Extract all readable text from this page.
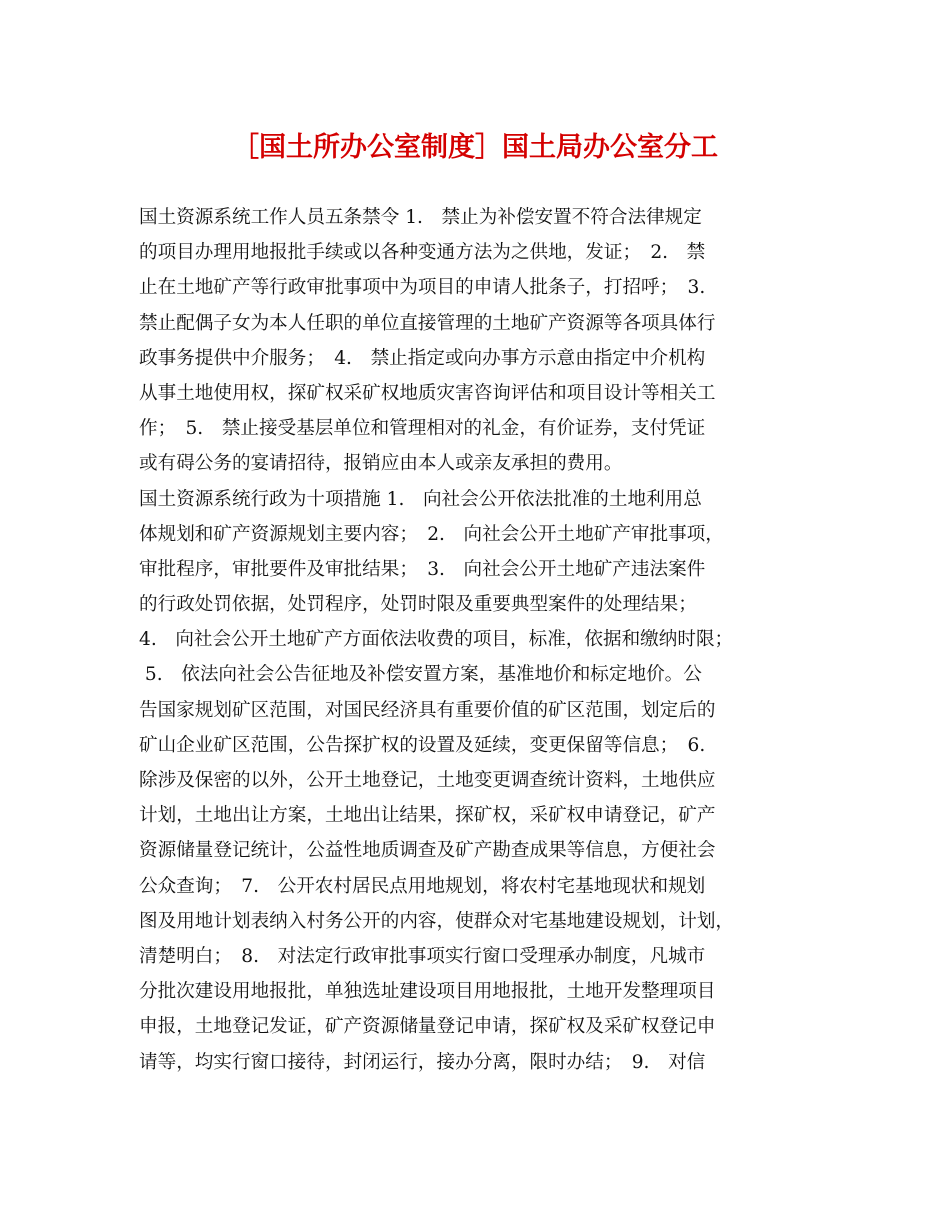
［国土所办公室制度］国土局办公室分工
国土资源系统工作人员五条禁令 1.　禁止为补偿安置不符合法律规定
的项目办理用地报批手续或以各种变通方法为之供地，发证；　2.　禁
止在土地矿产等行政审批事项中为项目的申请人批条子，打招呼；　3.
禁止配偶子女为本人任职的单位直接管理的土地矿产资源等各项具体行
政事务提供中介服务；　4.　禁止指定或向办事方示意由指定中介机构
从事土地使用权，探矿权采矿权地质灾害咨询评估和项目设计等相关工
作；　5.　禁止接受基层单位和管理相对的礼金，有价证券，支付凭证
或有碍公务的宴请招待，报销应由本人或亲友承担的费用。
国土资源系统行政为十项措施 1.　向社会公开依法批准的土地利用总
体规划和矿产资源规划主要内容；　2.　向社会公开土地矿产审批事项，
审批程序，审批要件及审批结果；　3.　向社会公开土地矿产违法案件
的行政处罚依据，处罚程序，处罚时限及重要典型案件的处理结果；
4.　向社会公开土地矿产方面依法收费的项目，标准，依据和缴纳时限；
5.　依法向社会公告征地及补偿安置方案，基准地价和标定地价。公
告国家规划矿区范围，对国民经济具有重要价值的矿区范围，划定后的
矿山企业矿区范围，公告探扩权的设置及延续，变更保留等信息；　6.
除涉及保密的以外，公开土地登记，土地变更调查统计资料，土地供应
计划，土地出让方案，土地出让结果，探矿权，采矿权申请登记，矿产
资源储量登记统计，公益性地质调查及矿产勘查成果等信息，方便社会
公众查询；　7.　公开农村居民点用地规划，将农村宅基地现状和规划
图及用地计划表纳入村务公开的内容，使群众对宅基地建设规划，计划，
清楚明白；　8.　对法定行政审批事项实行窗口受理承办制度，凡城市
分批次建设用地报批，单独选址建设项目用地报批，土地开发整理项目
申报，土地登记发证，矿产资源储量登记申请，探矿权及采矿权登记申
请等，均实行窗口接待，封闭运行，接办分离，限时办结；　9.　对信
